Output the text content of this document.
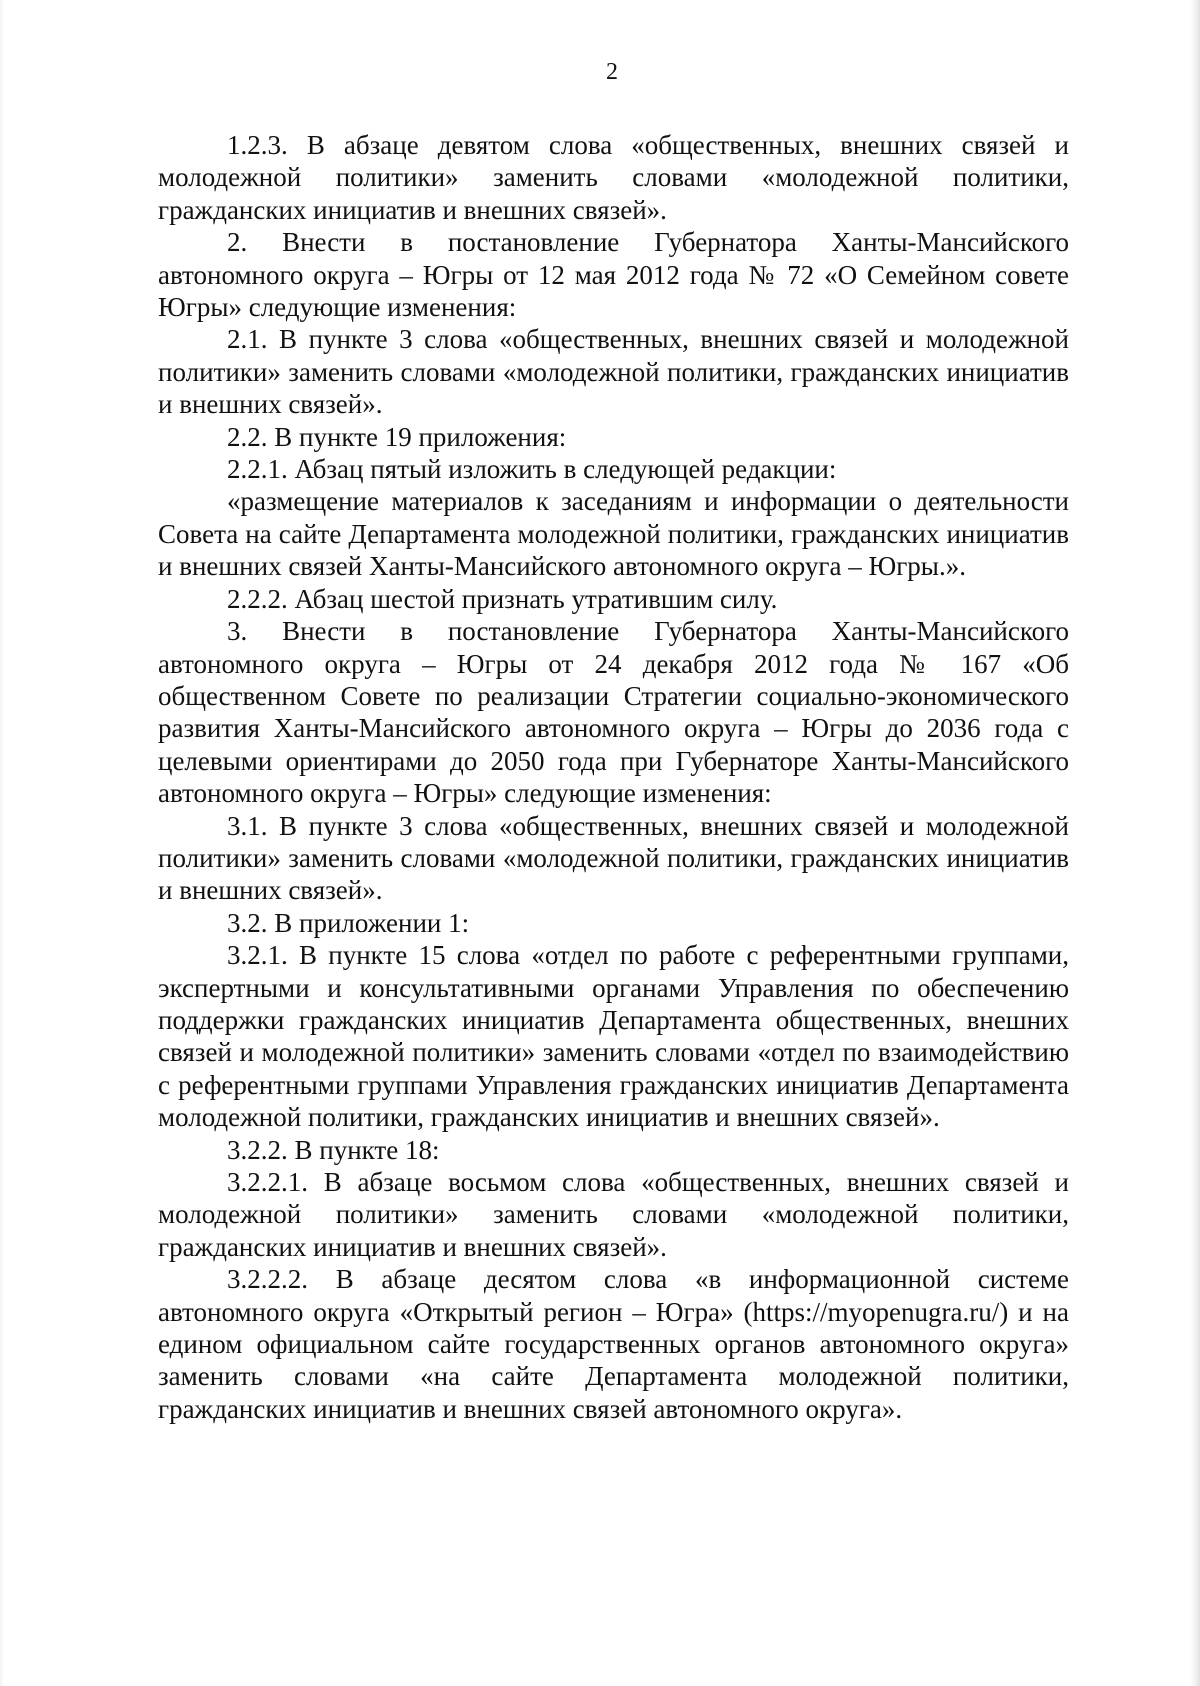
2

1.2.3. В абзаце девятом слова «общественных, внешних связей и молодежной политики» заменить словами «молодежной политики, гражданских инициатив и внешних связей».

2. Внести в постановление Губернатора Ханты-Мансийского автономного округа – Югры от 12 мая 2012 года № 72 «О Семейном совете Югры» следующие изменения:

2.1. В пункте 3 слова «общественных, внешних связей и молодежной политики» заменить словами «молодежной политики, гражданских инициатив и внешних связей».

2.2. В пункте 19 приложения:

2.2.1. Абзац пятый изложить в следующей редакции:

«размещение материалов к заседаниям и информации о деятельности Совета на сайте Департамента молодежной политики, гражданских инициатив и внешних связей Ханты-Мансийского автономного округа – Югры.».

2.2.2. Абзац шестой признать утратившим силу.

3. Внести в постановление Губернатора Ханты-Мансийского автономного округа – Югры от 24 декабря 2012 года № 167 «Об общественном Совете по реализации Стратегии социально-экономического развития Ханты-Мансийского автономного округа – Югры до 2036 года с целевыми ориентирами до 2050 года при Губернаторе Ханты-Мансийского автономного округа – Югры» следующие изменения:

3.1. В пункте 3 слова «общественных, внешних связей и молодежной политики» заменить словами «молодежной политики, гражданских инициатив и внешних связей».

3.2. В приложении 1:

3.2.1. В пункте 15 слова «отдел по работе с референтными группами, экспертными и консультативными органами Управления по обеспечению поддержки гражданских инициатив Департамента общественных, внешних связей и молодежной политики» заменить словами «отдел по взаимодействию с референтными группами Управления гражданских инициатив Департамента молодежной политики, гражданских инициатив и внешних связей».

3.2.2. В пункте 18:

3.2.2.1. В абзаце восьмом слова «общественных, внешних связей и молодежной политики» заменить словами «молодежной политики, гражданских инициатив и внешних связей».

3.2.2.2. В абзаце десятом слова «в информационной системе автономного округа «Открытый регион – Югра» (https://myopenugra.ru/) и на едином официальном сайте государственных органов автономного округа» заменить словами «на сайте Департамента молодежной политики, гражданских инициатив и внешних связей автономного округа».
